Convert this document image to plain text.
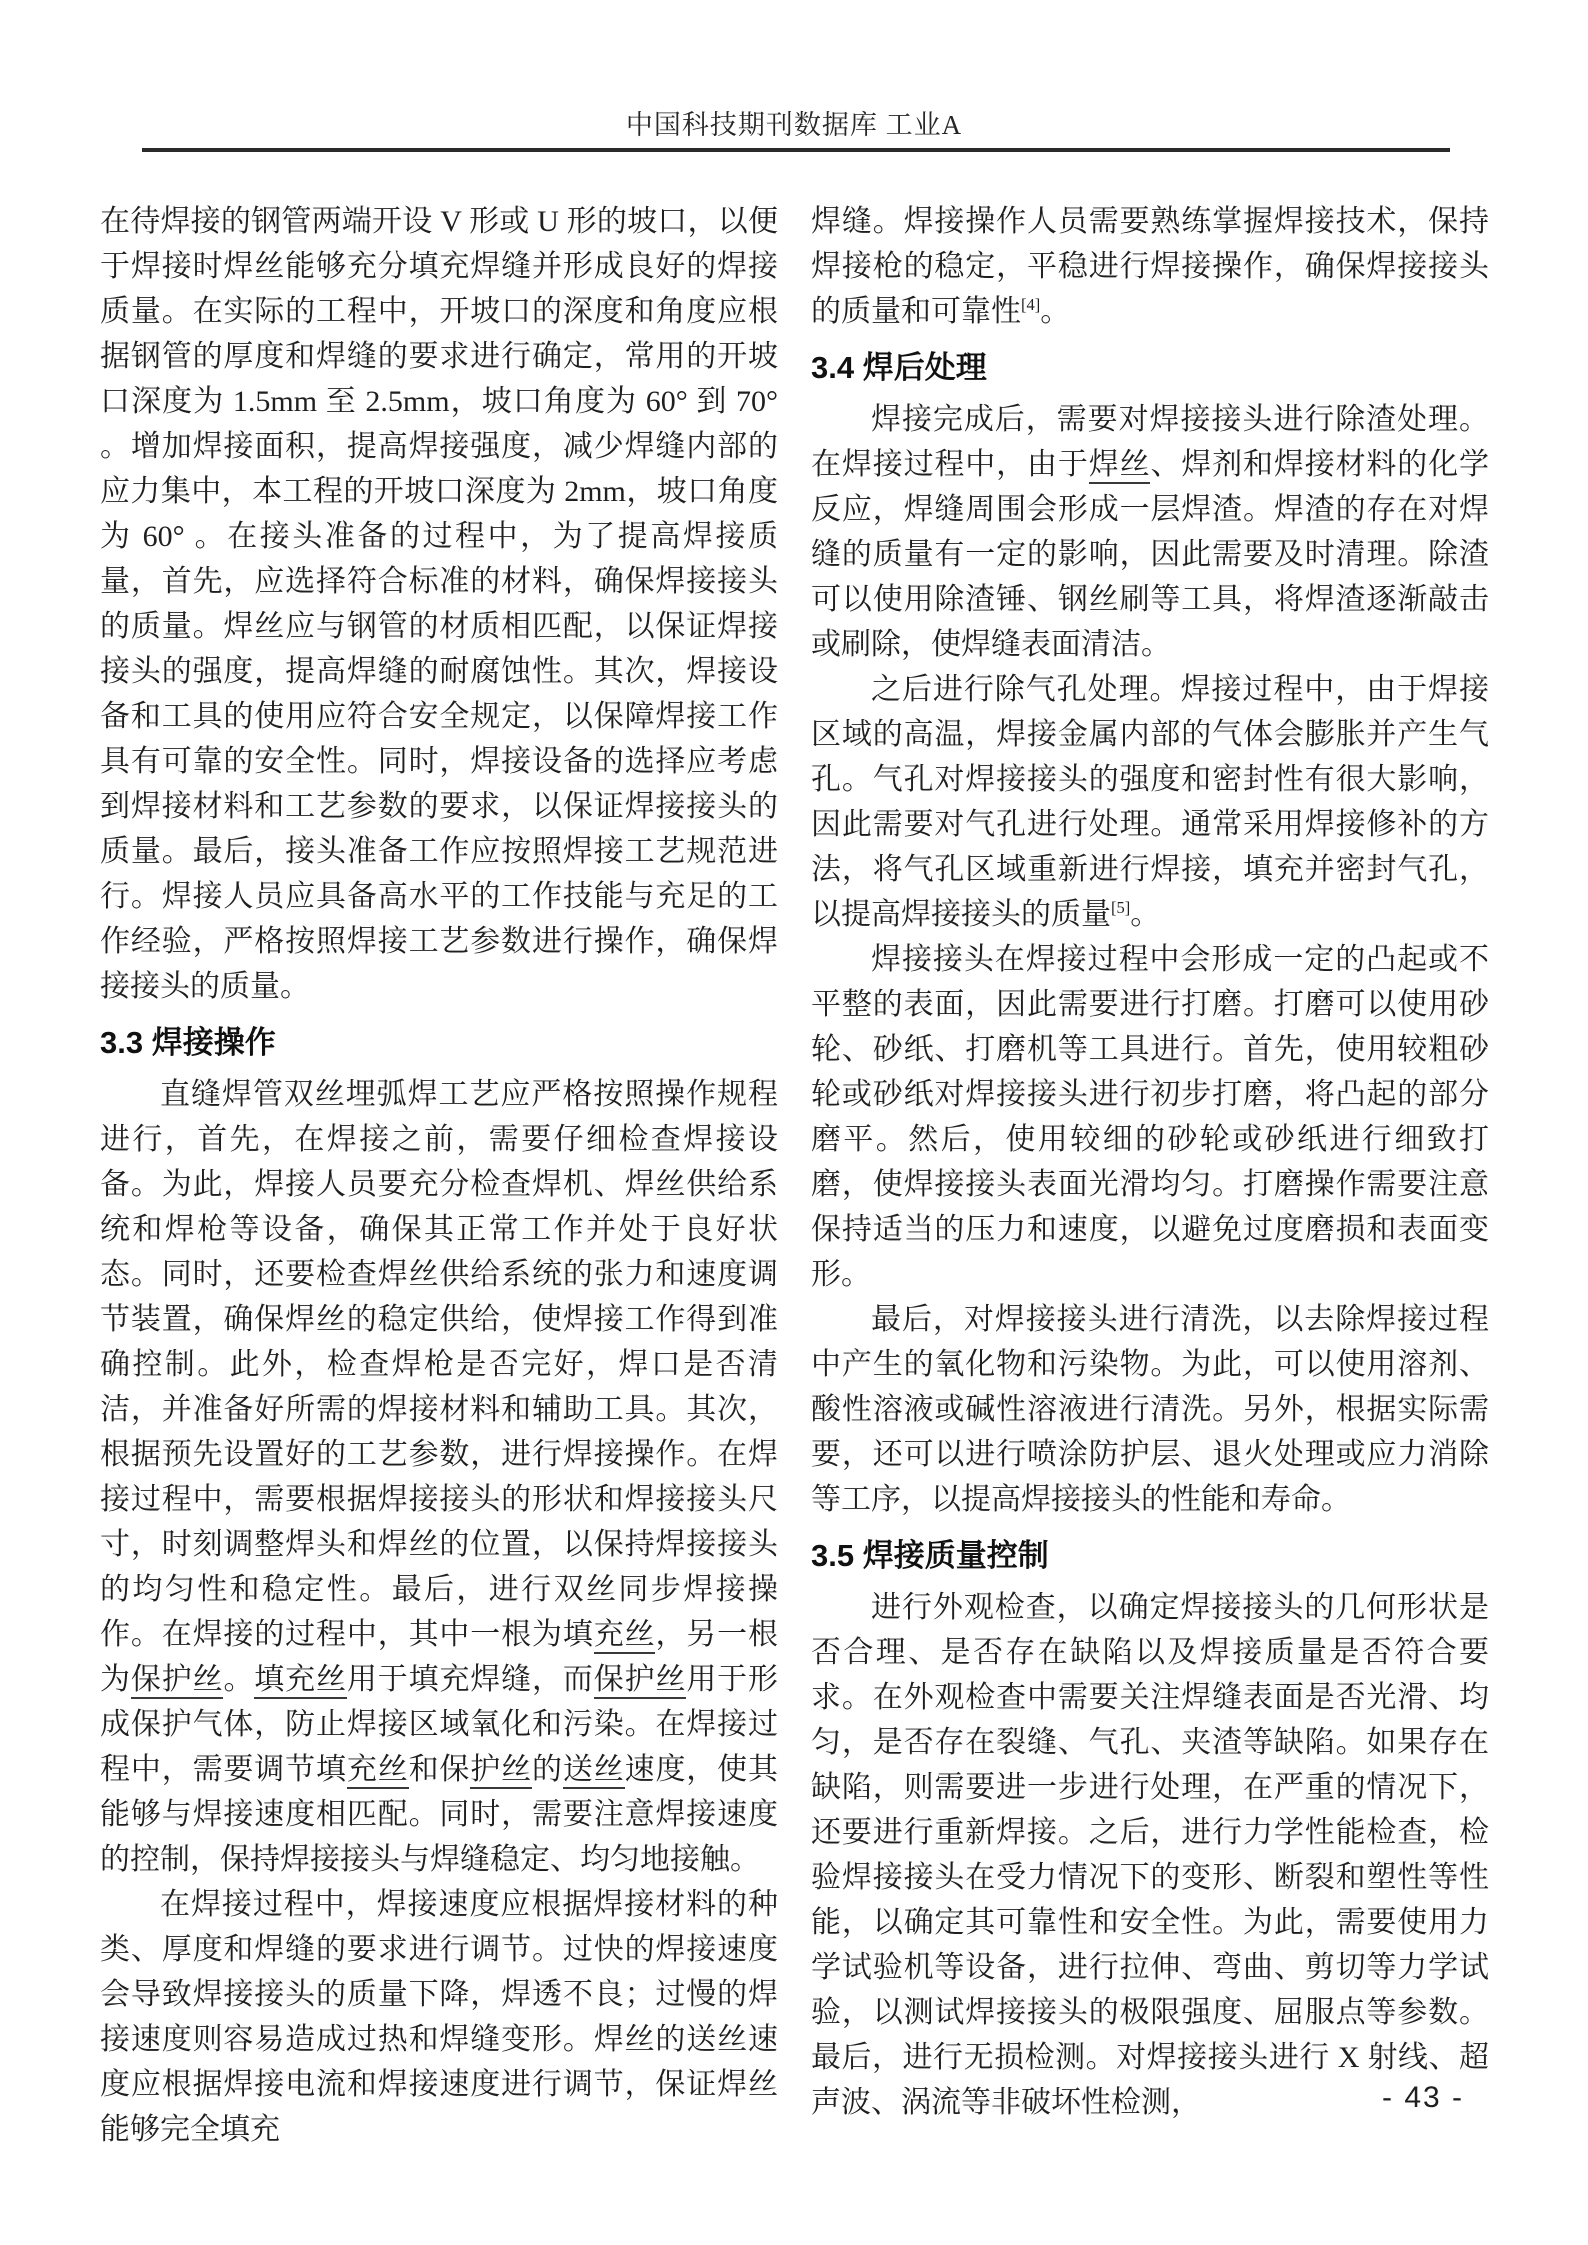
中国科技期刊数据库 工业A

在待焊接的钢管两端开设 V 形或 U 形的坡口，以便于焊接时焊丝能够充分填充焊缝并形成良好的焊接质量。在实际的工程中，开坡口的深度和角度应根据钢管的厚度和焊缝的要求进行确定，常用的开坡口深度为 1.5mm 至 2.5mm，坡口角度为 60° 到 70° 。增加焊接面积，提高焊接强度，减少焊缝内部的应力集中，本工程的开坡口深度为 2mm，坡口角度为 60° 。在接头准备的过程中，为了提高焊接质量，首先，应选择符合标准的材料，确保焊接接头的质量。焊丝应与钢管的材质相匹配，以保证焊接接头的强度，提高焊缝的耐腐蚀性。其次，焊接设备和工具的使用应符合安全规定，以保障焊接工作具有可靠的安全性。同时，焊接设备的选择应考虑到焊接材料和工艺参数的要求，以保证焊接接头的质量。最后，接头准备工作应按照焊接工艺规范进行。焊接人员应具备高水平的工作技能与充足的工作经验，严格按照焊接工艺参数进行操作，确保焊接接头的质量。

3.3 焊接操作

直缝焊管双丝埋弧焊工艺应严格按照操作规程进行，首先，在焊接之前，需要仔细检查焊接设备。为此，焊接人员要充分检查焊机、焊丝供给系统和焊枪等设备，确保其正常工作并处于良好状态。同时，还要检查焊丝供给系统的张力和速度调节装置，确保焊丝的稳定供给，使焊接工作得到准确控制。此外，检查焊枪是否完好，焊口是否清洁，并准备好所需的焊接材料和辅助工具。其次，根据预先设置好的工艺参数，进行焊接操作。在焊接过程中，需要根据焊接接头的形状和焊接接头尺寸，时刻调整焊头和焊丝的位置，以保持焊接接头的均匀性和稳定性。最后，进行双丝同步焊接操作。在焊接的过程中，其中一根为填充丝，另一根为保护丝。填充丝用于填充焊缝，而保护丝用于形成保护气体，防止焊接区域氧化和污染。在焊接过程中，需要调节填充丝和保护丝的送丝速度，使其能够与焊接速度相匹配。同时，需要注意焊接速度的控制，保持焊接接头与焊缝稳定、均匀地接触。

在焊接过程中，焊接速度应根据焊接材料的种类、厚度和焊缝的要求进行调节。过快的焊接速度会导致焊接接头的质量下降，焊透不良；过慢的焊接速度则容易造成过热和焊缝变形。焊丝的送丝速度应根据焊接电流和焊接速度进行调节，保证焊丝能够完全填充

焊缝。焊接操作人员需要熟练掌握焊接技术，保持焊接枪的稳定，平稳进行焊接操作，确保焊接接头的质量和可靠性[4]。

3.4 焊后处理

焊接完成后，需要对焊接接头进行除渣处理。在焊接过程中，由于焊丝、焊剂和焊接材料的化学反应，焊缝周围会形成一层焊渣。焊渣的存在对焊缝的质量有一定的影响，因此需要及时清理。除渣可以使用除渣锤、钢丝刷等工具，将焊渣逐渐敲击或刷除，使焊缝表面清洁。

之后进行除气孔处理。焊接过程中，由于焊接区域的高温，焊接金属内部的气体会膨胀并产生气孔。气孔对焊接接头的强度和密封性有很大影响，因此需要对气孔进行处理。通常采用焊接修补的方法，将气孔区域重新进行焊接，填充并密封气孔，以提高焊接接头的质量[5]。

焊接接头在焊接过程中会形成一定的凸起或不平整的表面，因此需要进行打磨。打磨可以使用砂轮、砂纸、打磨机等工具进行。首先，使用较粗砂轮或砂纸对焊接接头进行初步打磨，将凸起的部分磨平。然后，使用较细的砂轮或砂纸进行细致打磨，使焊接接头表面光滑均匀。打磨操作需要注意保持适当的压力和速度，以避免过度磨损和表面变形。

最后，对焊接接头进行清洗，以去除焊接过程中产生的氧化物和污染物。为此，可以使用溶剂、酸性溶液或碱性溶液进行清洗。另外，根据实际需要，还可以进行喷涂防护层、退火处理或应力消除等工序，以提高焊接接头的性能和寿命。

3.5 焊接质量控制

进行外观检查，以确定焊接接头的几何形状是否合理、是否存在缺陷以及焊接质量是否符合要求。在外观检查中需要关注焊缝表面是否光滑、均匀，是否存在裂缝、气孔、夹渣等缺陷。如果存在缺陷，则需要进一步进行处理，在严重的情况下，还要进行重新焊接。之后，进行力学性能检查，检验焊接接头在受力情况下的变形、断裂和塑性等性能，以确定其可靠性和安全性。为此，需要使用力学试验机等设备，进行拉伸、弯曲、剪切等力学试验，以测试焊接接头的极限强度、屈服点等参数。最后，进行无损检测。对焊接接头进行 X 射线、超声波、涡流等非破坏性检测，	- 43 -
